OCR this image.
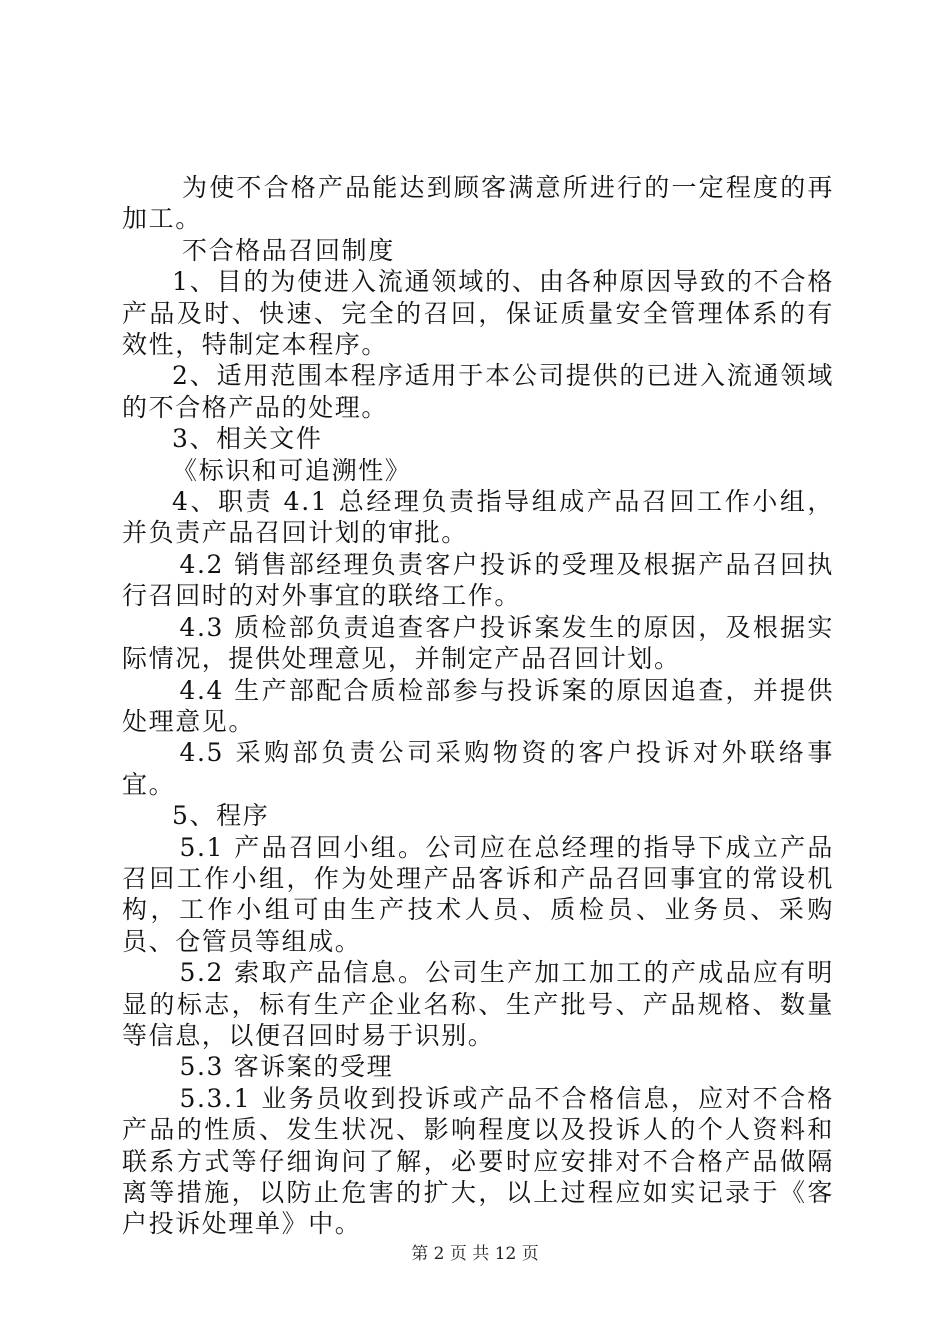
为使不合格产品能达到顾客满意所进行的一定程度的再加工。

不合格品召回制度

1、目的为使进入流通领域的、由各种原因导致的不合格产品及时、快速、完全的召回，保证质量安全管理体系的有效性，特制定本程序。

2、适用范围本程序适用于本公司提供的已进入流通领域的不合格产品的处理。

3、相关文件

《标识和可追溯性》

4、职责 4.1 总经理负责指导组成产品召回工作小组，并负责产品召回计划的审批。

4.2 销售部经理负责客户投诉的受理及根据产品召回执行召回时的对外事宜的联络工作。

4.3 质检部负责追查客户投诉案发生的原因，及根据实际情况，提供处理意见，并制定产品召回计划。

4.4 生产部配合质检部参与投诉案的原因追查，并提供处理意见。

4.5 采购部负责公司采购物资的客户投诉对外联络事宜。

5、程序

5.1 产品召回小组。公司应在总经理的指导下成立产品召回工作小组，作为处理产品客诉和产品召回事宜的常设机构，工作小组可由生产技术人员、质检员、业务员、采购员、仓管员等组成。

5.2 索取产品信息。公司生产加工加工的产成品应有明显的标志，标有生产企业名称、生产批号、产品规格、数量等信息，以便召回时易于识别。

5.3 客诉案的受理

5.3.1 业务员收到投诉或产品不合格信息，应对不合格产品的性质、发生状况、影响程度以及投诉人的个人资料和联系方式等仔细询问了解，必要时应安排对不合格产品做隔离等措施，以防止危害的扩大，以上过程应如实记录于《客户投诉处理单》中。

第 2 页 共 12 页
